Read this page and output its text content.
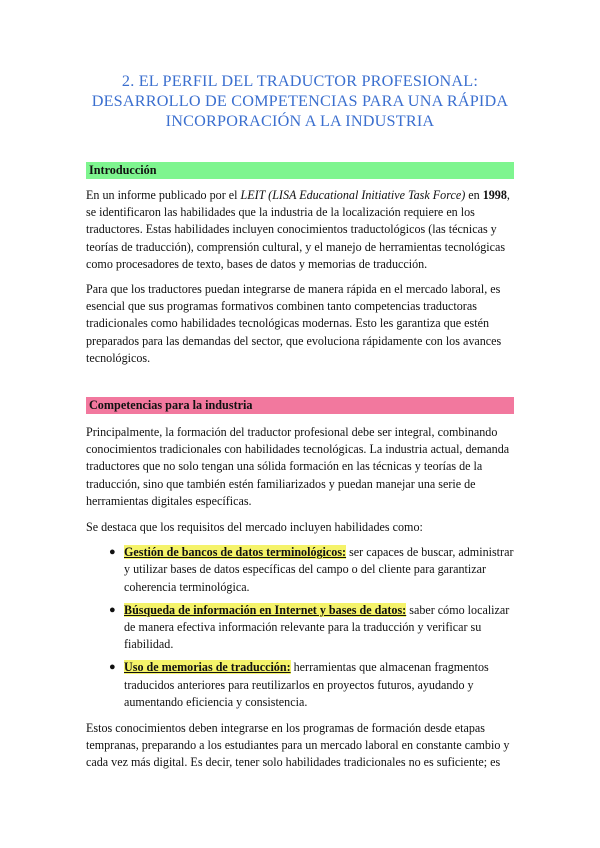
2. EL PERFIL DEL TRADUCTOR PROFESIONAL:
DESARROLLO DE COMPETENCIAS PARA UNA RÁPIDA
INCORPORACIÓN A LA INDUSTRIA
Introducción

En un informe publicado por el LEIT (LISA Educational Initiative Task Force) en 1998, se identificaron las habilidades que la industria de la localización requiere en los traductores. Estas habilidades incluyen conocimientos traductológicos (las técnicas y teorías de traducción), comprensión cultural, y el manejo de herramientas tecnológicas como procesadores de texto, bases de datos y memorias de traducción.

Para que los traductores puedan integrarse de manera rápida en el mercado laboral, es esencial que sus programas formativos combinen tanto competencias traductoras tradicionales como habilidades tecnológicas modernas. Esto les garantiza que estén preparados para las demandas del sector, que evoluciona rápidamente con los avances tecnológicos.

Competencias para la industria

Principalmente, la formación del traductor profesional debe ser integral, combinando conocimientos tradicionales con habilidades tecnológicas. La industria actual, demanda traductores que no solo tengan una sólida formación en las técnicas y teorías de la traducción, sino que también estén familiarizados y puedan manejar una serie de herramientas digitales específicas.

Se destaca que los requisitos del mercado incluyen habilidades como:

● Gestión de bancos de datos terminológicos: ser capaces de buscar, administrar y utilizar bases de datos específicas del campo o del cliente para garantizar coherencia terminológica.
● Búsqueda de información en Internet y bases de datos: saber cómo localizar de manera efectiva información relevante para la traducción y verificar su fiabilidad.
● Uso de memorias de traducción: herramientas que almacenan fragmentos traducidos anteriores para reutilizarlos en proyectos futuros, ayudando y aumentando eficiencia y consistencia.

Estos conocimientos deben integrarse en los programas de formación desde etapas tempranas, preparando a los estudiantes para un mercado laboral en constante cambio y cada vez más digital. Es decir, tener solo habilidades tradicionales no es suficiente; es
